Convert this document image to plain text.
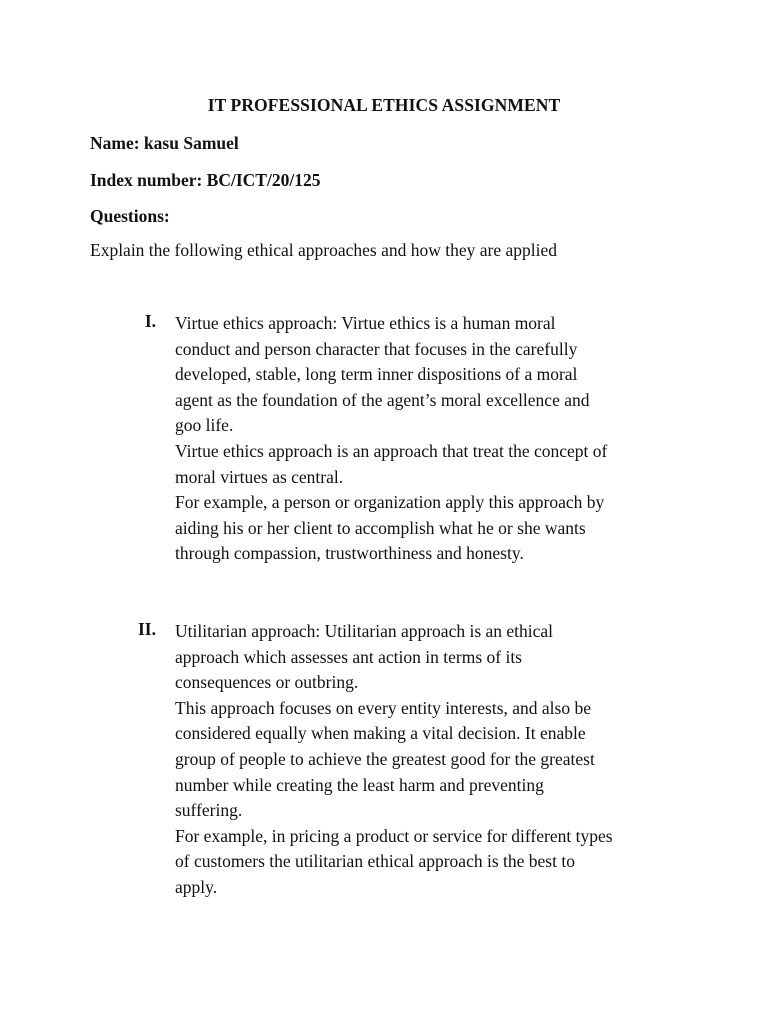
IT PROFESSIONAL ETHICS ASSIGNMENT
Name: kasu Samuel
Index number: BC/ICT/20/125
Questions:
Explain the following ethical approaches and how they are applied
I. Virtue ethics approach: Virtue ethics is a human moral

conduct and person character that focuses in the carefully

developed, stable, long term inner dispositions of a moral

agent as the foundation of the agent’s moral excellence and

goo life.

Virtue ethics approach is an approach that treat the concept of

moral virtues as central.

For example, a person or organization apply this approach by

aiding his or her client to accomplish what he or she wants

through compassion, trustworthiness and honesty.

II. Utilitarian approach: Utilitarian approach is an ethical

approach which assesses ant action in terms of its

consequences or outbring.

This approach focuses on every entity interests, and also be

considered equally when making a vital decision. It enable

group of people to achieve the greatest good for the greatest

number while creating the least harm and preventing

suffering.

For example, in pricing a product or service for different types

of customers the utilitarian ethical approach is the best to

apply.
